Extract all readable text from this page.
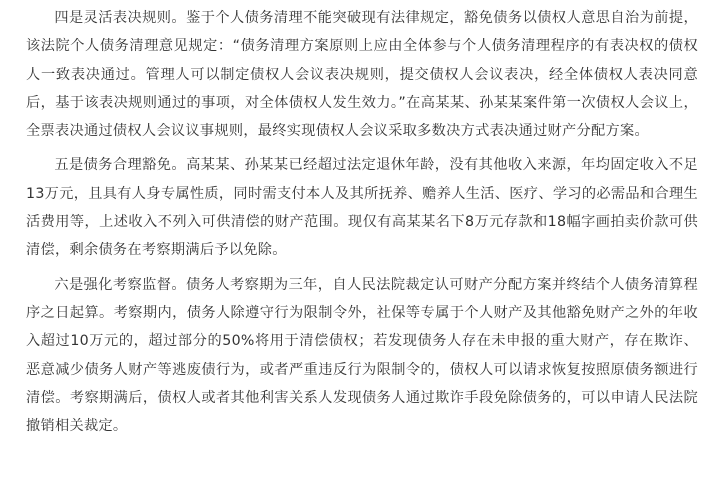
四是灵活表决规则。鉴于个人债务清理不能突破现有法律规定，豁免债务以债权人意思自治为前提，该法院个人债务清理意见规定：“债务清理方案原则上应由全体参与个人债务清理程序的有表决权的债权人一致表决通过。管理人可以制定债权人会议表决规则，提交债权人会议表决，经全体债权人表决同意后，基于该表决规则通过的事项，对全体债权人发生效力。”在高某某、孙某某案件第一次债权人会议上，全票表决通过债权人会议议事规则，最终实现债权人会议采取多数决方式表决通过财产分配方案。

五是债务合理豁免。高某某、孙某某已经超过法定退休年龄，没有其他收入来源，年均固定收入不足13万元，且具有人身专属性质，同时需支付本人及其所抚养、赡养人生活、医疗、学习的必需品和合理生活费用等，上述收入不列入可供清偿的财产范围。现仅有高某某名下8万元存款和18幅字画拍卖价款可供清偿，剩余债务在考察期满后予以免除。

六是强化考察监督。债务人考察期为三年，自人民法院裁定认可财产分配方案并终结个人债务清算程序之日起算。考察期内，债务人除遵守行为限制令外，社保等专属于个人财产及其他豁免财产之外的年收入超过10万元的，超过部分的50%将用于清偿债权；若发现债务人存在未申报的重大财产，存在欺诈、恶意减少债务人财产等逃废债行为，或者严重违反行为限制令的，债权人可以请求恢复按照原债务额进行清偿。考察期满后，债权人或者其他利害关系人发现债务人通过欺诈手段免除债务的，可以申请人民法院撤销相关裁定。
